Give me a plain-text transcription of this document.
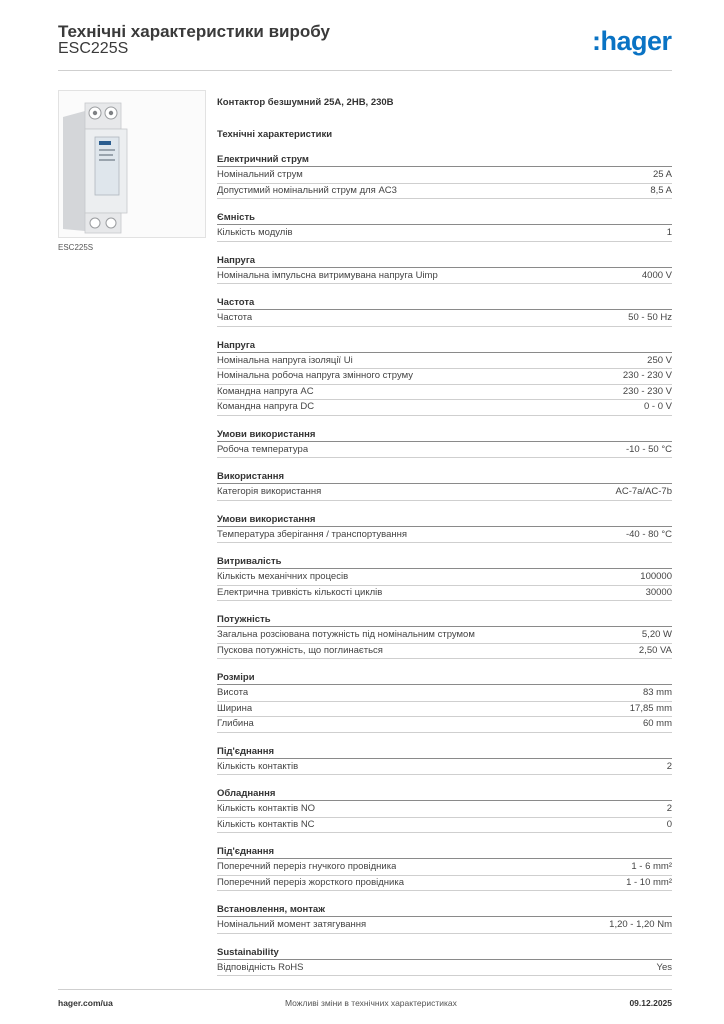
Технічні характеристики виробу
ESC225S	:hager
ESC225S
Контактор безшумний 25А, 2НВ, 230В
Технічні характеристики
Електричний струм
Номінальний струм	25 A
Допустимий номінальний струм для AC3	8,5 A
Ємність
Кількість модулів	1
Напруга
Номінальна імпульсна витримувана напруга Uimp	4000 V
Частота
Частота	50 - 50 Hz
Напруга
Номінальна напруга ізоляції Ui	250 V
Номінальна робоча напруга змінного струму	230 - 230 V
Командна напруга AC	230 - 230 V
Командна напруга DC	0 - 0 V
Умови використання
Робоча температура	-10 - 50 °C
Використання
Категорія використання	AC-7a/AC-7b
Умови використання
Температура зберігання / транспортування	-40 - 80 °C
Витривалість
Кількість механічних процесів	100000
Електрична тривкість кількості циклів	30000
Потужність
Загальна розсіювана потужність під номінальним струмом	5,20 W
Пускова потужність, що поглинається	2,50 VA
Розміри
Висота	83 mm
Ширина	17,85 mm
Глибина	60 mm
Під'єднання
Кількість контактів	2
Обладнання
Кількість контактів NO	2
Кількість контактів NC	0
Під'єднання
Поперечний переріз гнучкого провідника	1 - 6 mm²
Поперечний переріз жорсткого провідника	1 - 10 mm²
Встановлення, монтаж
Номінальний момент затягування	1,20 - 1,20 Nm
Sustainability
Відповідність RoHS	Yes
hager.com/ua	Можливі зміни в технічних характеристиках	09.12.2025
